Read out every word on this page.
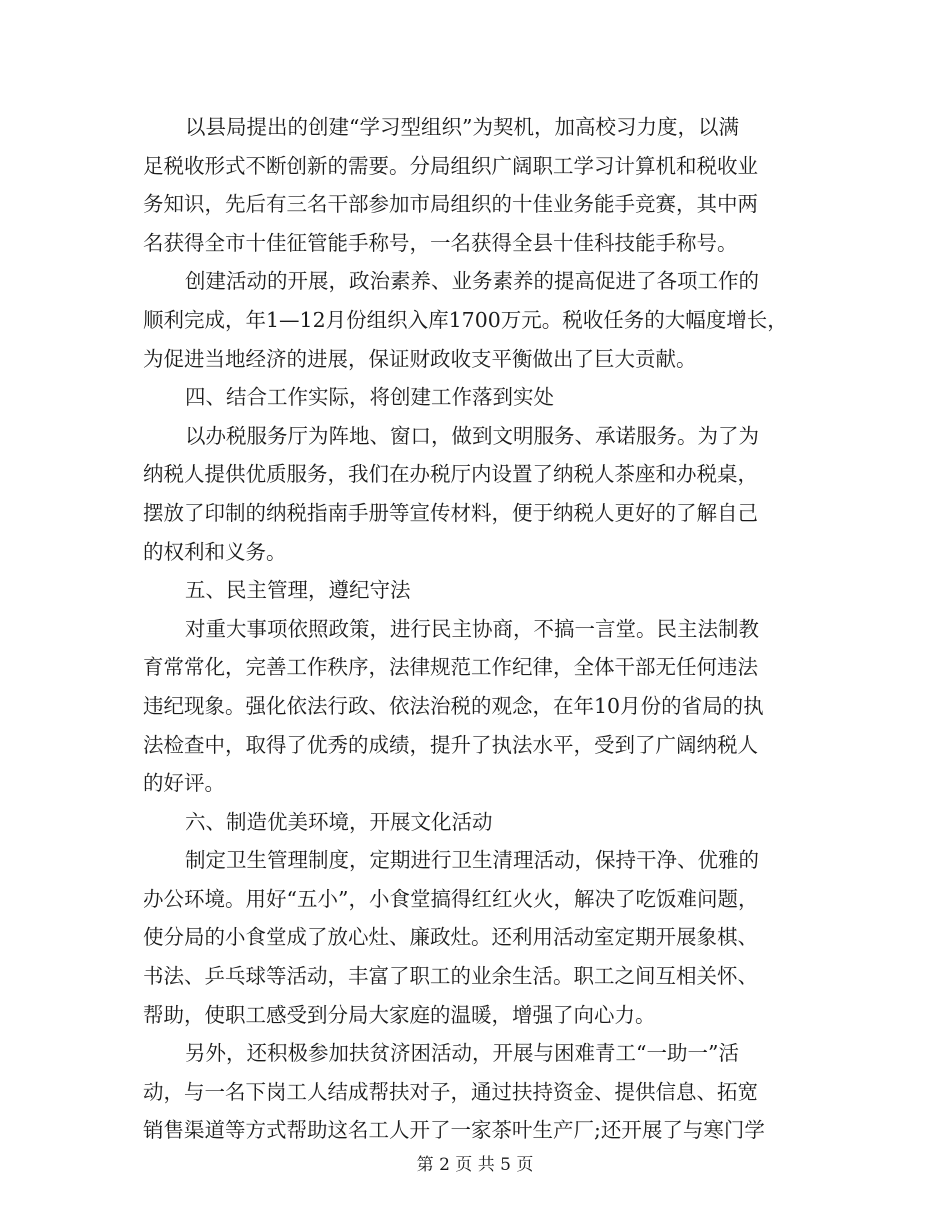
以县局提出的创建“学习型组织”为契机，加高校习力度，以满
足税收形式不断创新的需要。分局组织广阔职工学习计算机和税收业
务知识，先后有三名干部参加市局组织的十佳业务能手竞赛，其中两
名获得全市十佳征管能手称号，一名获得全县十佳科技能手称号。
创建活动的开展，政治素养、业务素养的提高促进了各项工作的
顺利完成，年1—12月份组织入库1700万元。税收任务的大幅度增长，
为促进当地经济的进展，保证财政收支平衡做出了巨大贡献。
四、结合工作实际，将创建工作落到实处
以办税服务厅为阵地、窗口，做到文明服务、承诺服务。为了为
纳税人提供优质服务，我们在办税厅内设置了纳税人茶座和办税桌，
摆放了印制的纳税指南手册等宣传材料，便于纳税人更好的了解自己
的权利和义务。
五、民主管理，遵纪守法
对重大事项依照政策，进行民主协商，不搞一言堂。民主法制教
育常常化，完善工作秩序，法律规范工作纪律，全体干部无任何违法
违纪现象。强化依法行政、依法治税的观念，在年10月份的省局的执
法检查中，取得了优秀的成绩，提升了执法水平，受到了广阔纳税人
的好评。
六、制造优美环境，开展文化活动
制定卫生管理制度，定期进行卫生清理活动，保持干净、优雅的
办公环境。用好“五小”，小食堂搞得红红火火，解决了吃饭难问题，
使分局的小食堂成了放心灶、廉政灶。还利用活动室定期开展象棋、
书法、乒乓球等活动，丰富了职工的业余生活。职工之间互相关怀、
帮助，使职工感受到分局大家庭的温暖，增强了向心力。
另外，还积极参加扶贫济困活动，开展与困难青工“一助一”活
动，与一名下岗工人结成帮扶对子，通过扶持资金、提供信息、拓宽
销售渠道等方式帮助这名工人开了一家茶叶生产厂;还开展了与寒门学
第 2 页 共 5 页
